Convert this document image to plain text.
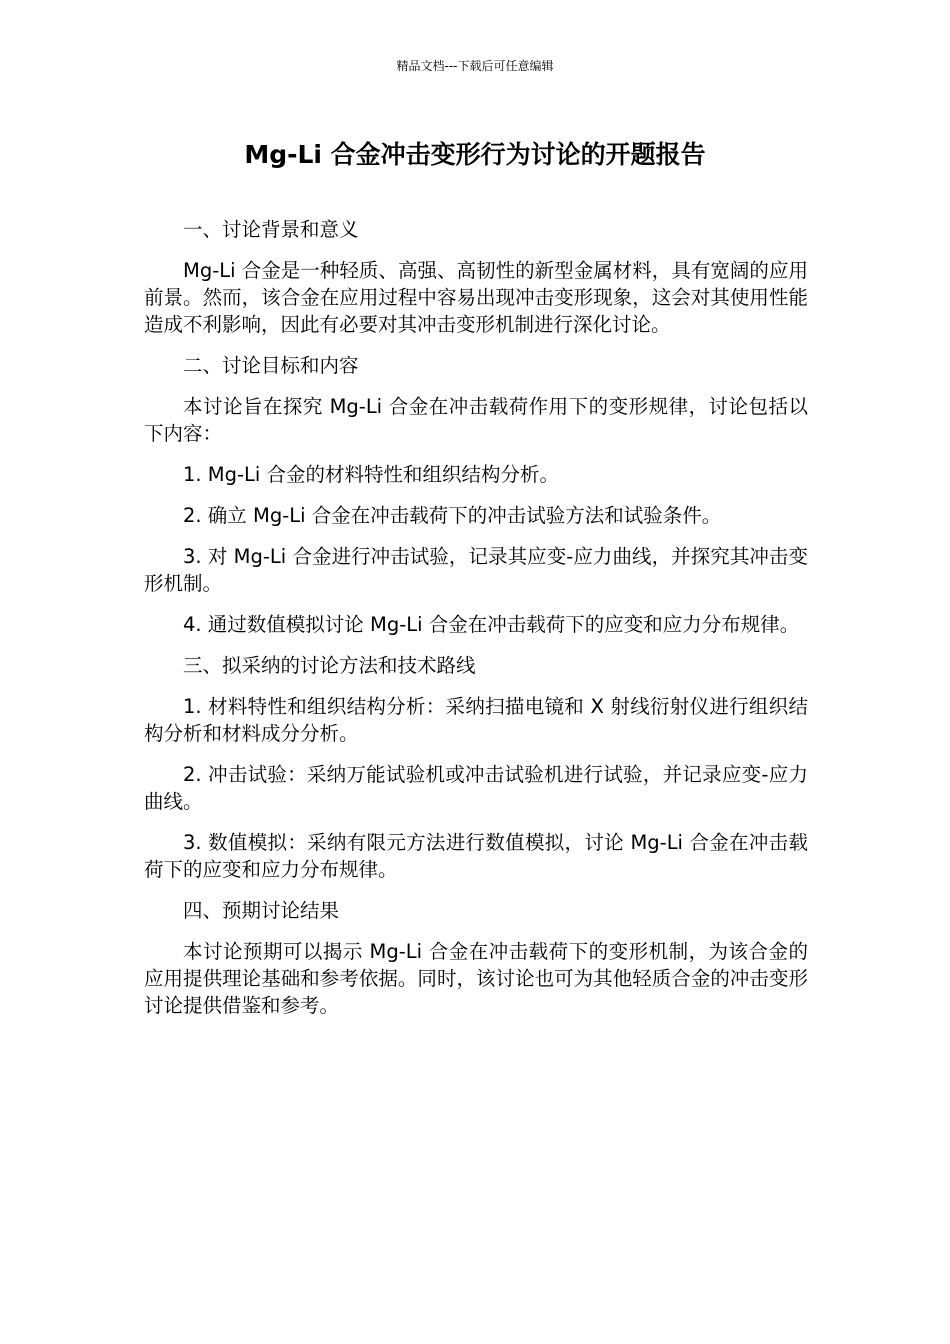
精品文档---下载后可任意编辑
Mg-Li 合金冲击变形行为讨论的开题报告

一、讨论背景和意义

Mg-Li 合金是一种轻质、高强、高韧性的新型金属材料，具有宽阔的应用前景。然而，该合金在应用过程中容易出现冲击变形现象，这会对其使用性能造成不利影响，因此有必要对其冲击变形机制进行深化讨论。

二、讨论目标和内容

本讨论旨在探究 Mg-Li 合金在冲击载荷作用下的变形规律，讨论包括以下内容：

1. Mg-Li 合金的材料特性和组织结构分析。

2. 确立 Mg-Li 合金在冲击载荷下的冲击试验方法和试验条件。

3. 对 Mg-Li 合金进行冲击试验，记录其应变-应力曲线，并探究其冲击变形机制。

4. 通过数值模拟讨论 Mg-Li 合金在冲击载荷下的应变和应力分布规律。

三、拟采纳的讨论方法和技术路线

1. 材料特性和组织结构分析：采纳扫描电镜和 X 射线衍射仪进行组织结构分析和材料成分分析。

2. 冲击试验：采纳万能试验机或冲击试验机进行试验，并记录应变-应力曲线。

3. 数值模拟：采纳有限元方法进行数值模拟，讨论 Mg-Li 合金在冲击载荷下的应变和应力分布规律。

四、预期讨论结果

本讨论预期可以揭示 Mg-Li 合金在冲击载荷下的变形机制，为该合金的应用提供理论基础和参考依据。同时，该讨论也可为其他轻质合金的冲击变形讨论提供借鉴和参考。
